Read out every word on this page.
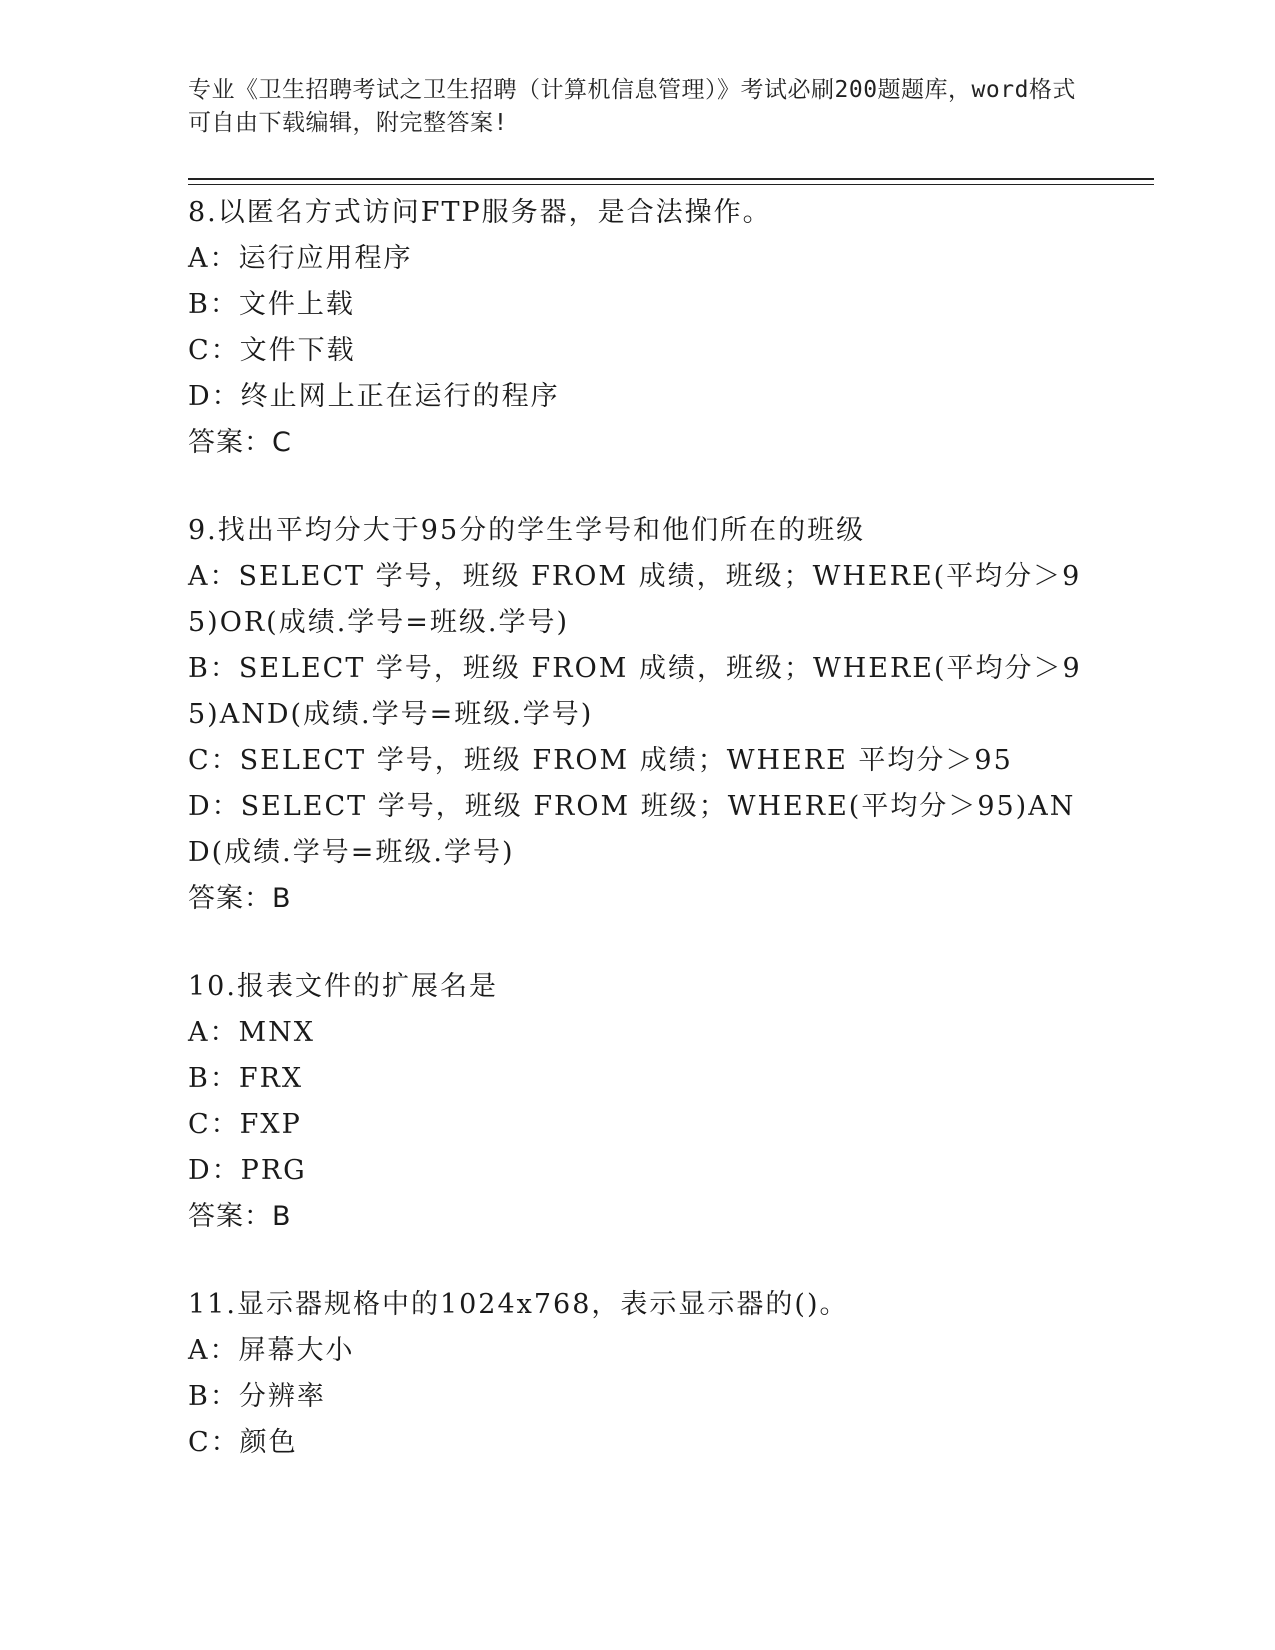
专业《卫生招聘考试之卫生招聘（计算机信息管理）》考试必刷200题题库，word格式可自由下载编辑，附完整答案!
8.以匿名方式访问FTP服务器，是合法操作。
A：运行应用程序
B：文件上载
C：文件下载
D：终止网上正在运行的程序
答案：C
9.找出平均分大于95分的学生学号和他们所在的班级
A：SELECT 学号，班级 FROM 成绩，班级；WHERE(平均分＞95)OR(成绩.学号=班级.学号)
B：SELECT 学号，班级 FROM 成绩，班级；WHERE(平均分＞95)AND(成绩.学号=班级.学号)
C：SELECT 学号，班级 FROM 成绩；WHERE 平均分＞95
D：SELECT 学号，班级 FROM 班级；WHERE(平均分＞95)AND(成绩.学号=班级.学号)
答案：B
10.报表文件的扩展名是
A：MNX
B：FRX
C：FXP
D：PRG
答案：B
11.显示器规格中的1024x768，表示显示器的()。
A：屏幕大小
B：分辨率
C：颜色
